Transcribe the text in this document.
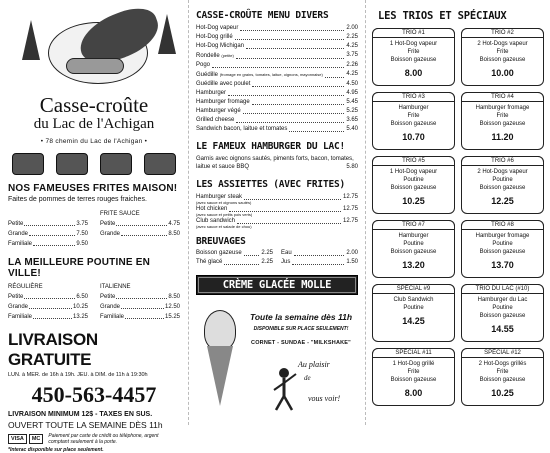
Casse-croûte
du Lac de l'Achigan
• 78 chemin du Lac de l'Achigan •
NOS FAMEUSES FRITES MAISON!
Faites de pommes de terres rouges fraiches.

Petite	3.75
Grande	7.50
Familiale	9.50
FRITE SAUCE
Petite	4.75
Grande	8.50
LA MEILLEURE POUTINE EN VILLE!
RÉGULIÈRE
Petite	6.50
Grande	10.25
Familiale	13.25
ITALIENNE
Petite	8.50
Grande	12.50
Familiale	15.25
LIVRAISON GRATUITE
LUN. à MER. de 16h à 19h. JEU. à DIM. de 11h à 19:30h
450-563-4457
LIVRAISON MINIMUM 12$ - TAXES EN SUS.
OUVERT TOUTE LA SEMAINE DÈS 11h
VISA	MC	Paiement par carte de crédit ou téléphone, argent comptant seulement à la porte.
*Interac disponible sur place seulement.
CASSE-CROÛTE MENU DIVERS
Hot-Dog vapeur	2.00
Hot-Dog grillé	2.25
Hot-Dog Michigan	4.25
Rondelle (petite)	3.75
Pogo	2.26
Guédille (fromage en grains, tomates, laitue, oignons, mayonnaise)	4.25
Guédille avec poulet	4.50
Hamburger	4.95
Hamburger fromage	5.45
Hamburger végé	5.25
Grilled cheese	3.65
Sandwich bacon, laitue et tomates	5.40
LE FAMEUX HAMBURGER DU LAC!
Garnis avec oignons sautés, piments forts, bacon, tomates, laitue et sauce BBQ	5.80
LES ASSIETTES (AVEC FRITES)
Hamburger steak	12.75
(avec sauce et oignons sautés)
Hot chicken	12.75
(avec sauce et petits pois verts)
Club sandwich	12.75
(avec sauce et salade de chou)
BREUVAGES
Boisson gazeuse	2.25
Thé glacé	2.25
Eau	2.00
Jus	1.50
CRÈME GLACÉE MOLLE
Toute la semaine dès 11h
DISPONIBLE SUR PLACE SEULEMENT!
CORNET - SUNDAE - "MILKSHAKE"
Au plaisir
de
vous voir!
LES TRIOS ET SPÉCIAUX
TRIO #1
1 Hot-Dog vapeur
Frite
Boisson gazeuse
8.00
TRIO #2
2 Hot-Dogs vapeur
Frite
Boisson gazeuse
10.00
TRIO #3
Hamburger
Frite
Boisson gazeuse
10.70
TRIO #4
Hamburger fromage
Frite
Boisson gazeuse
11.20
TRIO #5
1 Hot-Dog vapeur
Poutine
Boisson gazeuse
10.25
TRIO #6
2 Hot-Dogs vapeur
Poutine
Boisson gazeuse
12.25
TRIO #7
Hamburger
Poutine
Boisson gazeuse
13.20
TRIO #8
Hamburger fromage
Poutine
Boisson gazeuse
13.70
SPÉCIAL #9
Club Sandwich
Poutine
14.25
TRIO DU LAC (#10)
Hamburger du Lac
Poutine
Boisson gazeuse
14.55
SPÉCIAL #11
1 Hot-Dog grillé
Frite
Boisson gazeuse
8.00
SPÉCIAL #12
2 Hot-Dogs grillés
Frite
Boisson gazeuse
10.25
